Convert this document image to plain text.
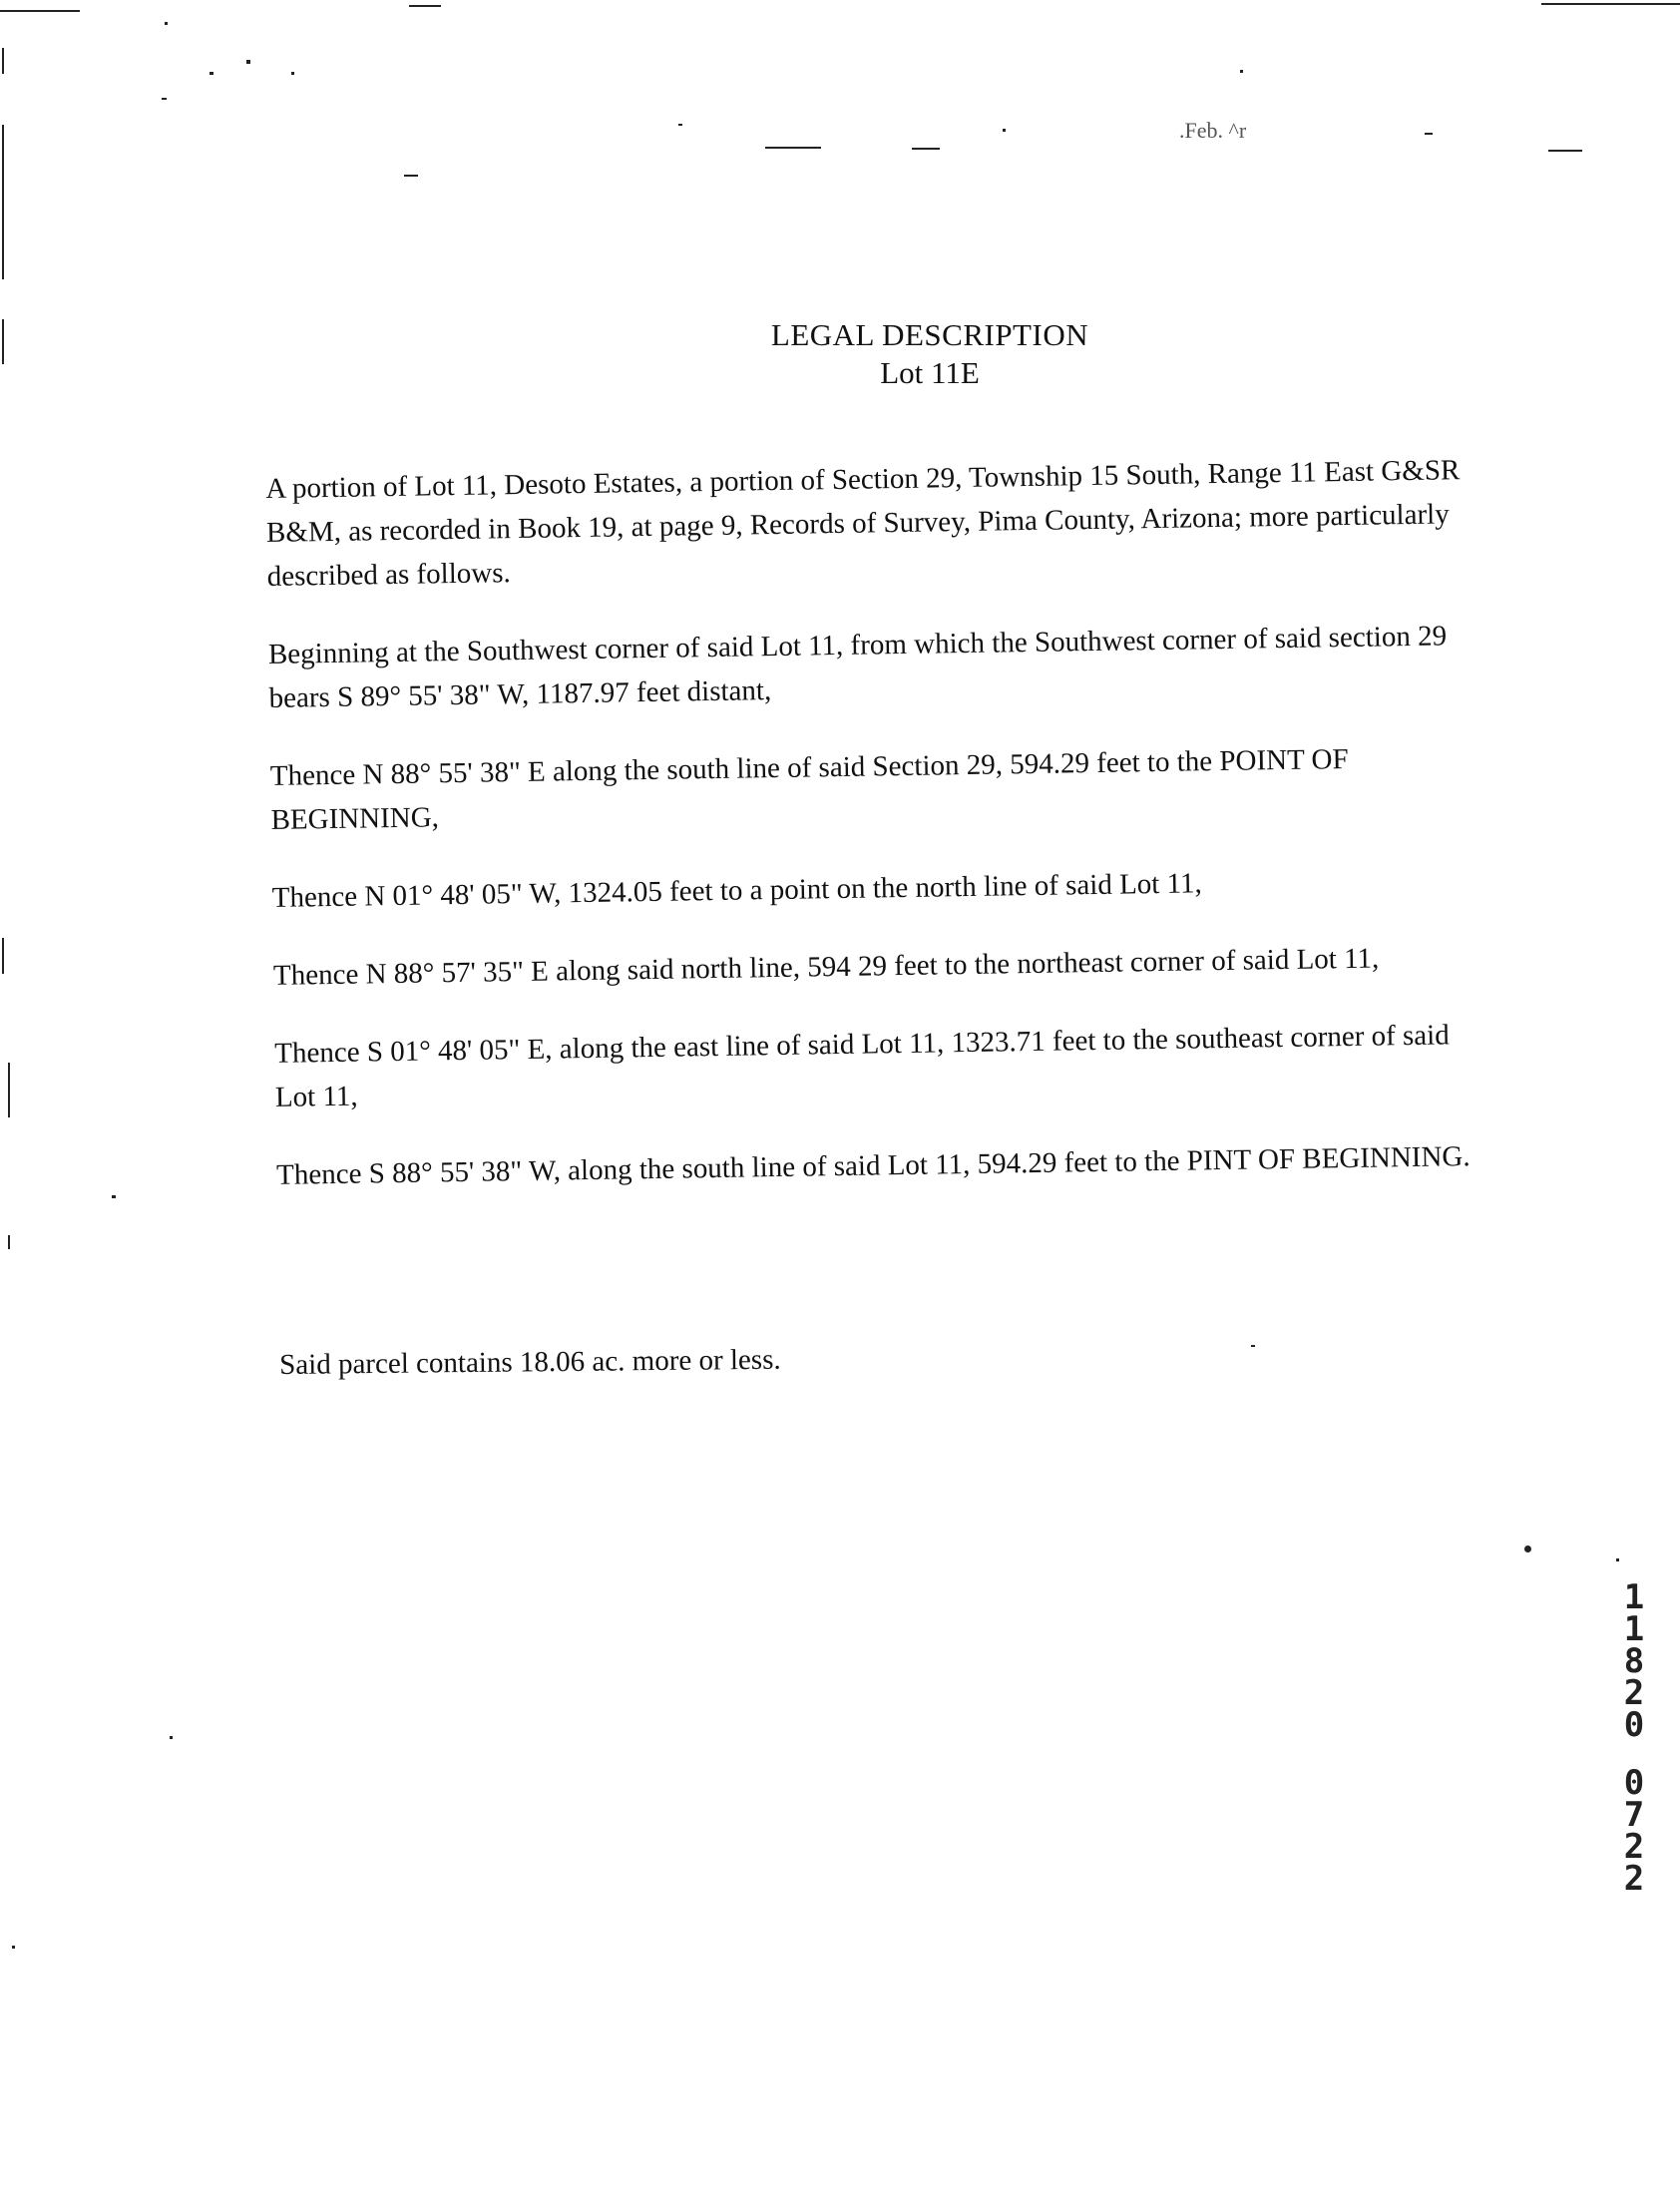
.Feb. ^r
LEGAL DESCRIPTION
Lot 11E

A portion of Lot 11, Desoto Estates, a portion of Section 29, Township 15 South, Range 11 East G&SR B&M, as recorded in Book 19, at page 9, Records of Survey, Pima County, Arizona; more particularly described as follows.

Beginning at the Southwest corner of said Lot 11, from which the Southwest corner of said section 29 bears S 89° 55' 38" W, 1187.97 feet distant,

Thence N 88° 55' 38" E along the south line of said Section 29, 594.29 feet to the POINT OF BEGINNING,

Thence N 01° 48' 05" W, 1324.05 feet to a point on the north line of said Lot 11,

Thence N 88° 57' 35" E along said north line, 594 29 feet to the northeast corner of said Lot 11,

Thence S 01° 48' 05" E, along the east line of said Lot 11, 1323.71 feet to the southeast corner of said Lot 11,

Thence S 88° 55' 38" W, along the south line of said Lot 11, 594.29 feet to the PINT OF BEGINNING.

Said parcel contains 18.06 ac. more or less.
1
1
8
2
0
0
7
2
2
